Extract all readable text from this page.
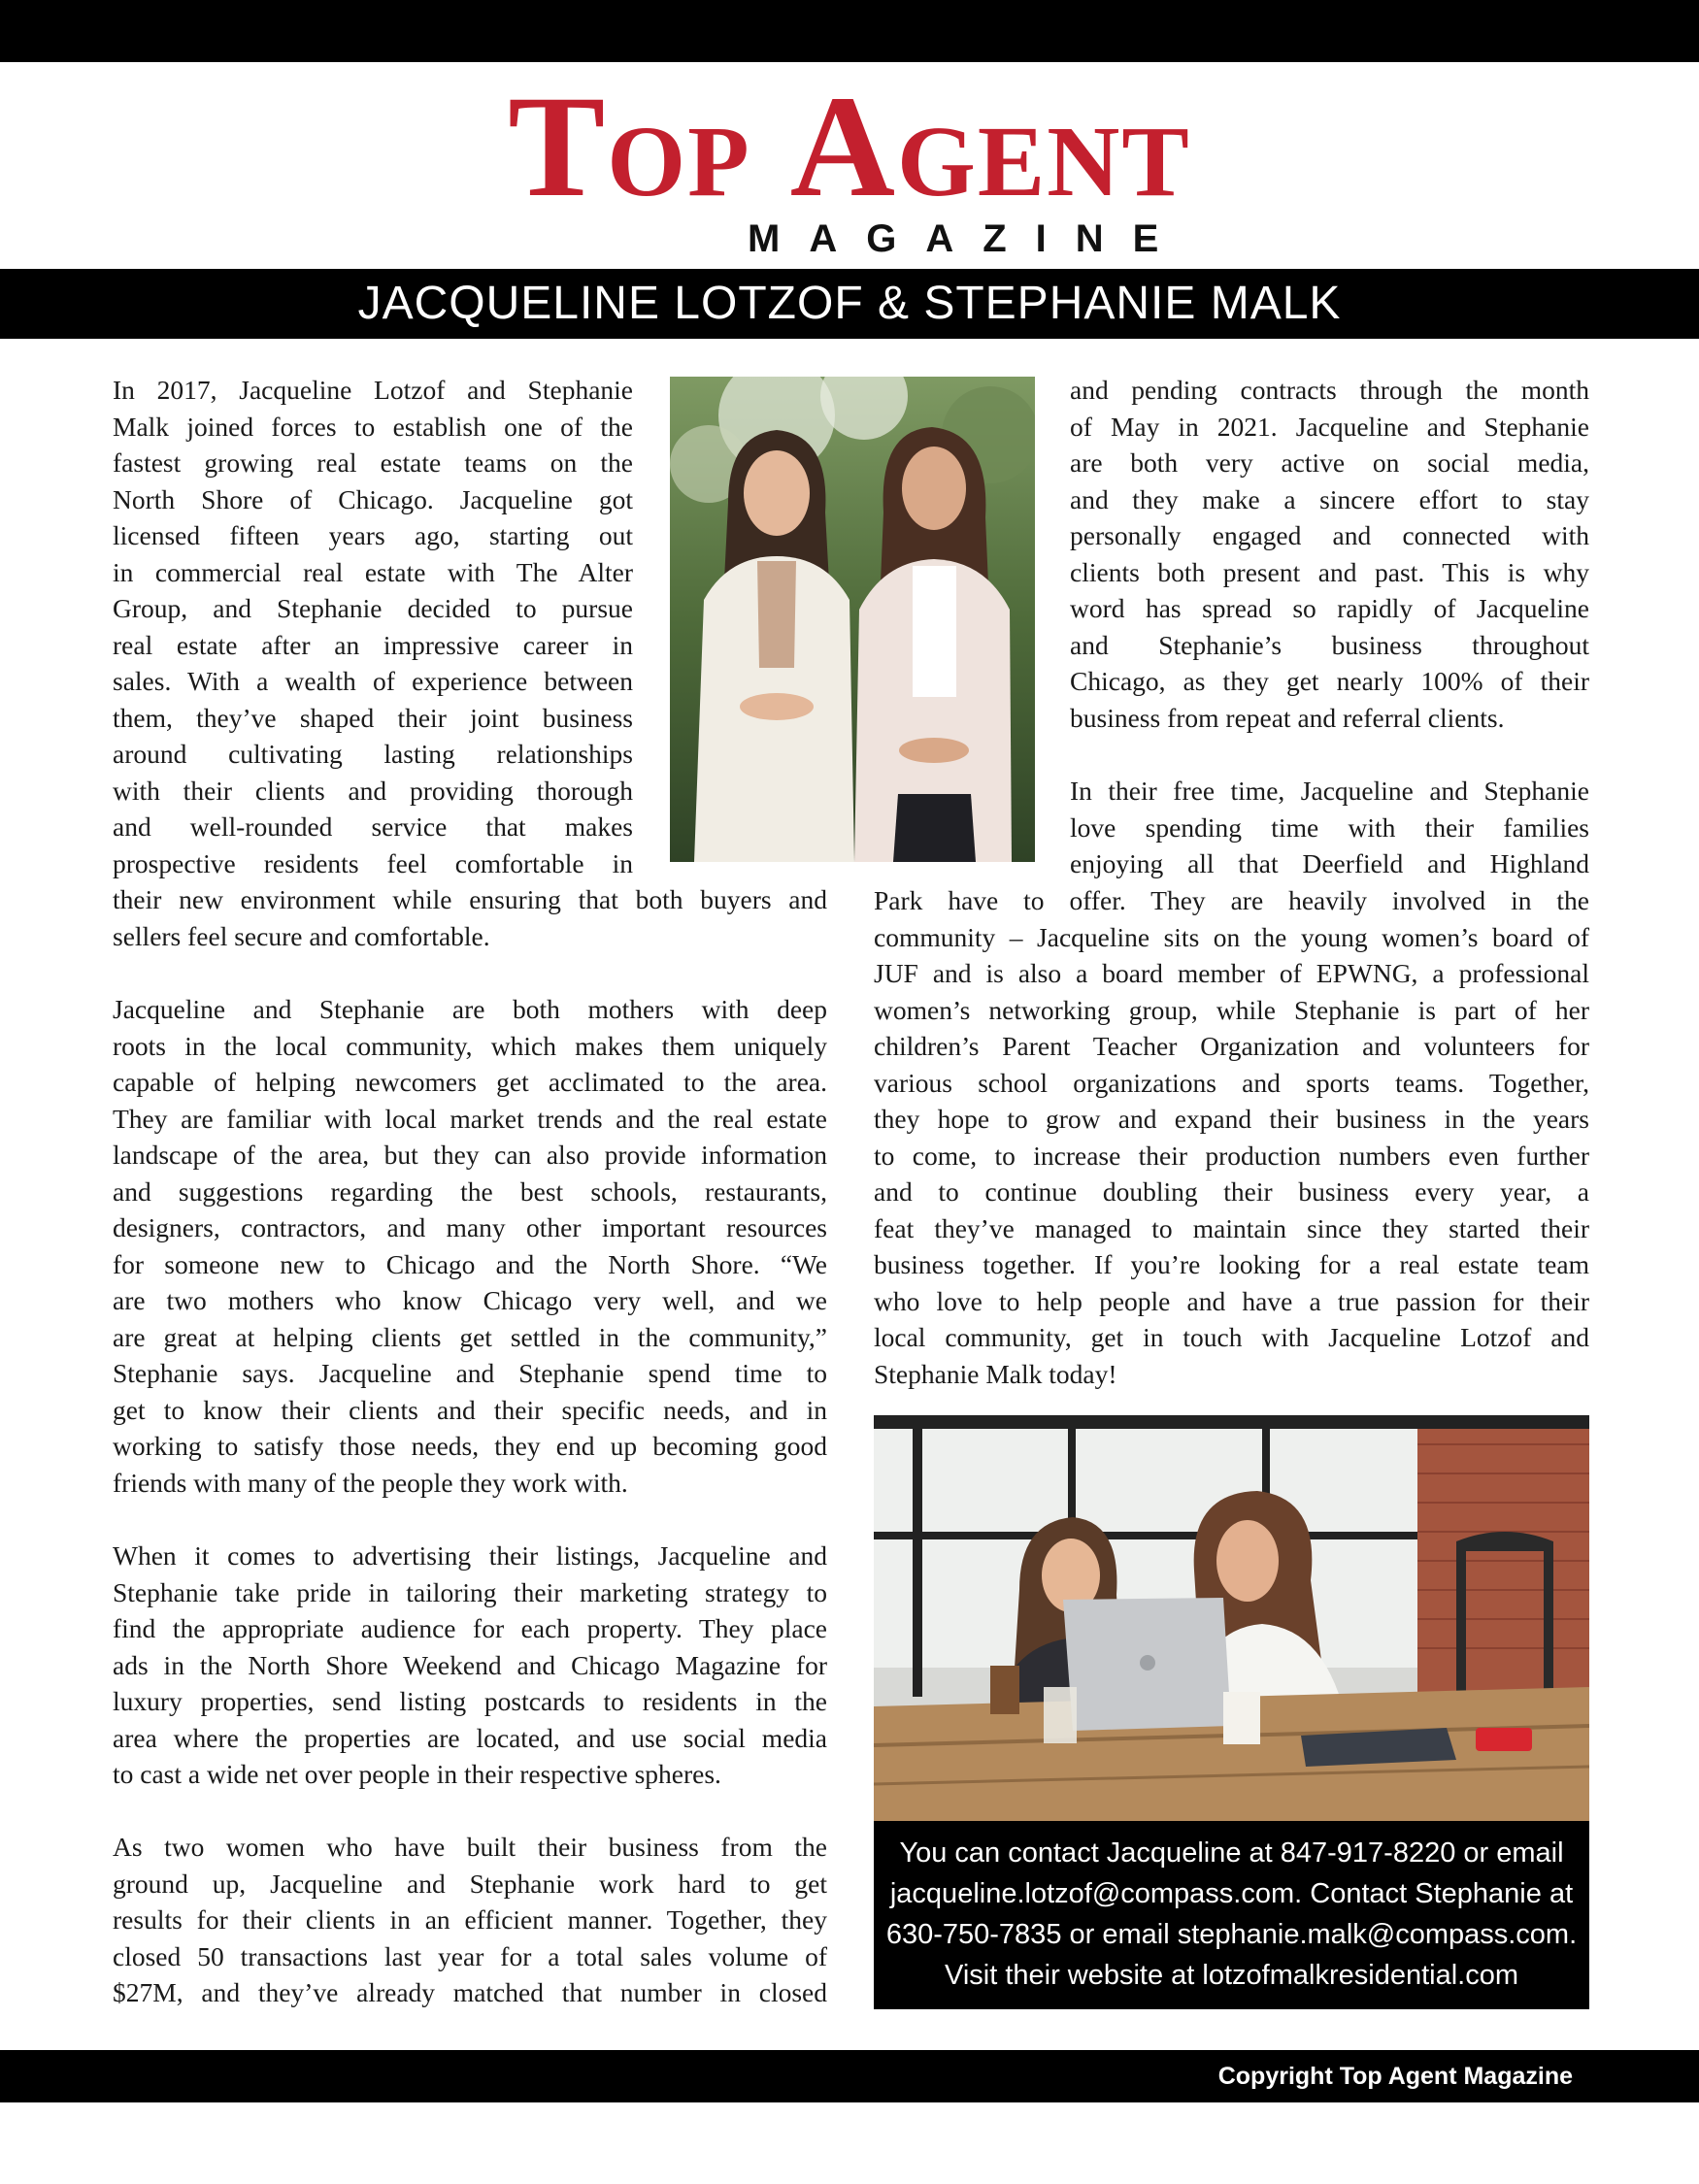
TOP AGENT
MAGAZINE
JACQUELINE LOTZOF & STEPHANIE MALK
In 2017, Jacqueline Lotzof and Stephanie
Malk joined forces to establish one of the
fastest growing real estate teams on the
North Shore of Chicago. Jacqueline got
licensed fifteen years ago, starting out
in commercial real estate with The Alter
Group, and Stephanie decided to pursue
real estate after an impressive career in
sales. With a wealth of experience between
them, they’ve shaped their joint business
around cultivating lasting relationships
with their clients and providing thorough
and well-rounded service that makes
prospective residents feel comfortable in
their new environment while ensuring that both buyers and
sellers feel secure and comfortable.
Jacqueline and Stephanie are both mothers with deep
roots in the local community, which makes them uniquely
capable of helping newcomers get acclimated to the area.
They are familiar with local market trends and the real estate
landscape of the area, but they can also provide information
and suggestions regarding the best schools, restaurants,
designers, contractors, and many other important resources
for someone new to Chicago and the North Shore. “We
are two mothers who know Chicago very well, and we
are great at helping clients get settled in the community,”
Stephanie says. Jacqueline and Stephanie spend time to
get to know their clients and their specific needs, and in
working to satisfy those needs, they end up becoming good
friends with many of the people they work with.
When it comes to advertising their listings, Jacqueline and
Stephanie take pride in tailoring their marketing strategy to
find the appropriate audience for each property. They place
ads in the North Shore Weekend and Chicago Magazine for
luxury properties, send listing postcards to residents in the
area where the properties are located, and use social media
to cast a wide net over people in their respective spheres.
As two women who have built their business from the
ground up, Jacqueline and Stephanie work hard to get
results for their clients in an efficient manner. Together, they
closed 50 transactions last year for a total sales volume of
$27M, and they’ve already matched that number in closed
and pending contracts through the month
of May in 2021. Jacqueline and Stephanie
are both very active on social media,
and they make a sincere effort to stay
personally engaged and connected with
clients both present and past. This is why
word has spread so rapidly of Jacqueline
and Stephanie’s business throughout
Chicago, as they get nearly 100% of their
business from repeat and referral clients.
In their free time, Jacqueline and Stephanie
love spending time with their families
enjoying all that Deerfield and Highland
Park have to offer. They are heavily involved in the
community – Jacqueline sits on the young women’s board of
JUF and is also a board member of EPWNG, a professional
women’s networking group, while Stephanie is part of her
children’s Parent Teacher Organization and volunteers for
various school organizations and sports teams. Together,
they hope to grow and expand their business in the years
to come, to increase their production numbers even further
and to continue doubling their business every year, a
feat they’ve managed to maintain since they started their
business together. If you’re looking for a real estate team
who love to help people and have a true passion for their
local community, get in touch with Jacqueline Lotzof and
Stephanie Malk today!
You can contact Jacqueline at 847-917-8220 or email
jacqueline.lotzof@compass.com. Contact Stephanie at
630-750-7835 or email stephanie.malk@compass.com.
Visit their website at lotzofmalkresidential.com
Copyright Top Agent Magazine
